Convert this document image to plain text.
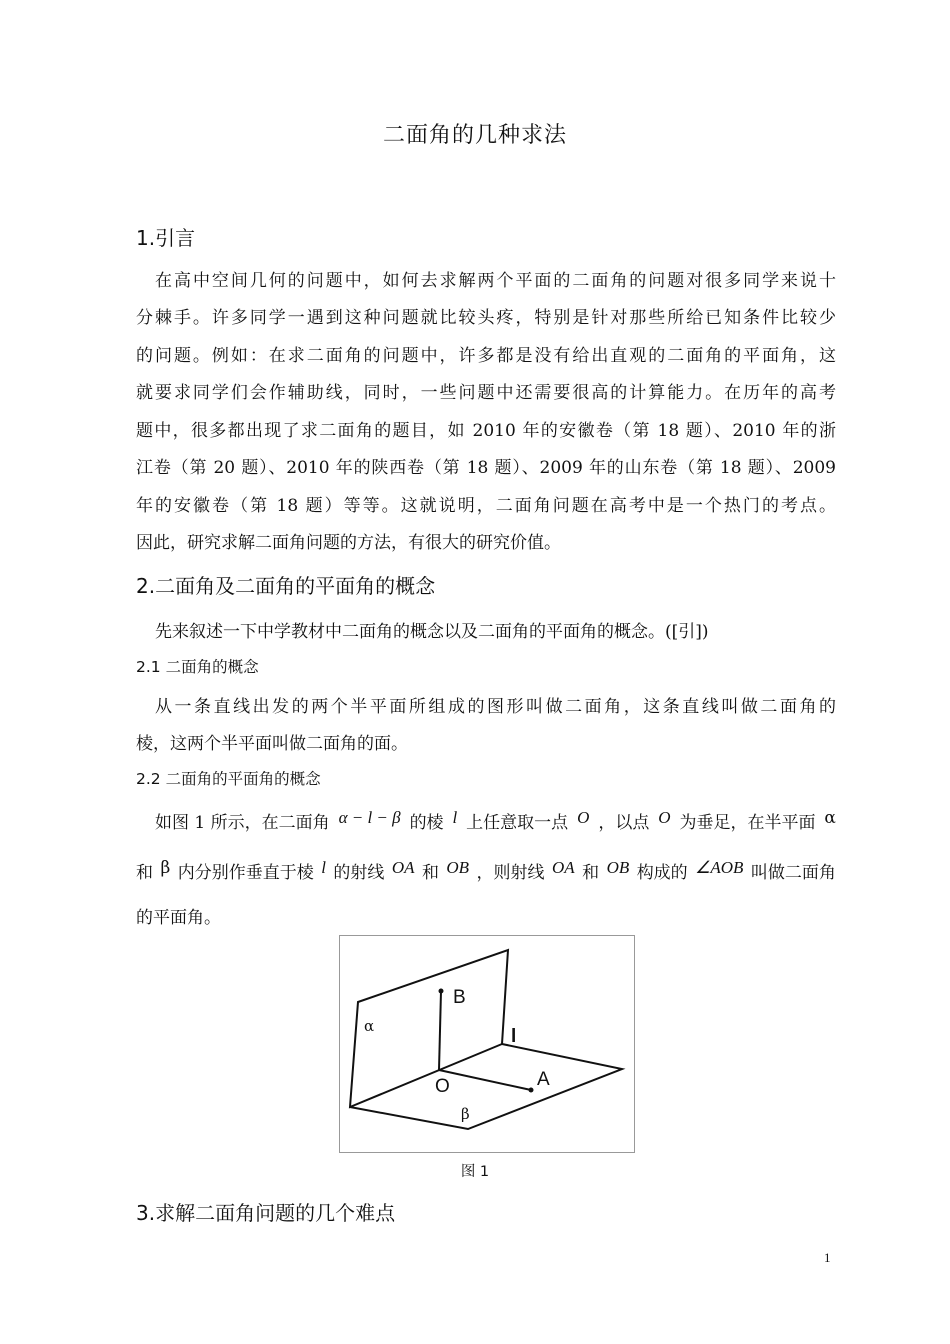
二面角的几种求法
1.引言
在高中空间几何的问题中，如何去求解两个平面的二面角的问题对很多同学来说十
分棘手。许多同学一遇到这种问题就比较头疼，特别是针对那些所给已知条件比较少
的问题。例如：在求二面角的问题中，许多都是没有给出直观的二面角的平面角，这
就要求同学们会作辅助线，同时，一些问题中还需要很高的计算能力。在历年的高考
题中，很多都出现了求二面角的题目，如 2010 年的安徽卷（第 18 题）、2010 年的浙
江卷（第 20 题）、2010 年的陕西卷（第 18 题）、2009 年的山东卷（第 18 题）、2009
年的安徽卷（第 18 题）等等。这就说明，二面角问题在高考中是一个热门的考点。
因此，研究求解二面角问题的方法，有很大的研究价值。
2.二面角及二面角的平面角的概念
先来叙述一下中学教材中二面角的概念以及二面角的平面角的概念。([引])
2.1 二面角的概念
从一条直线出发的两个半平面所组成的图形叫做二面角，这条直线叫做二面角的
棱，这两个半平面叫做二面角的面。
2.2 二面角的平面角的概念
如图 1 所示，在二面角 α − l − β 的棱 l 上任意取一点 O ，以点 O 为垂足，在半平面 α
和 β 内分别作垂直于棱 l 的射线 OA 和 OB ，则射线 OA 和 OB 构成的 ∠AOB 叫做二面角
的平面角。
B
O	A
l
α
β
图 1
3.求解二面角问题的几个难点
1
